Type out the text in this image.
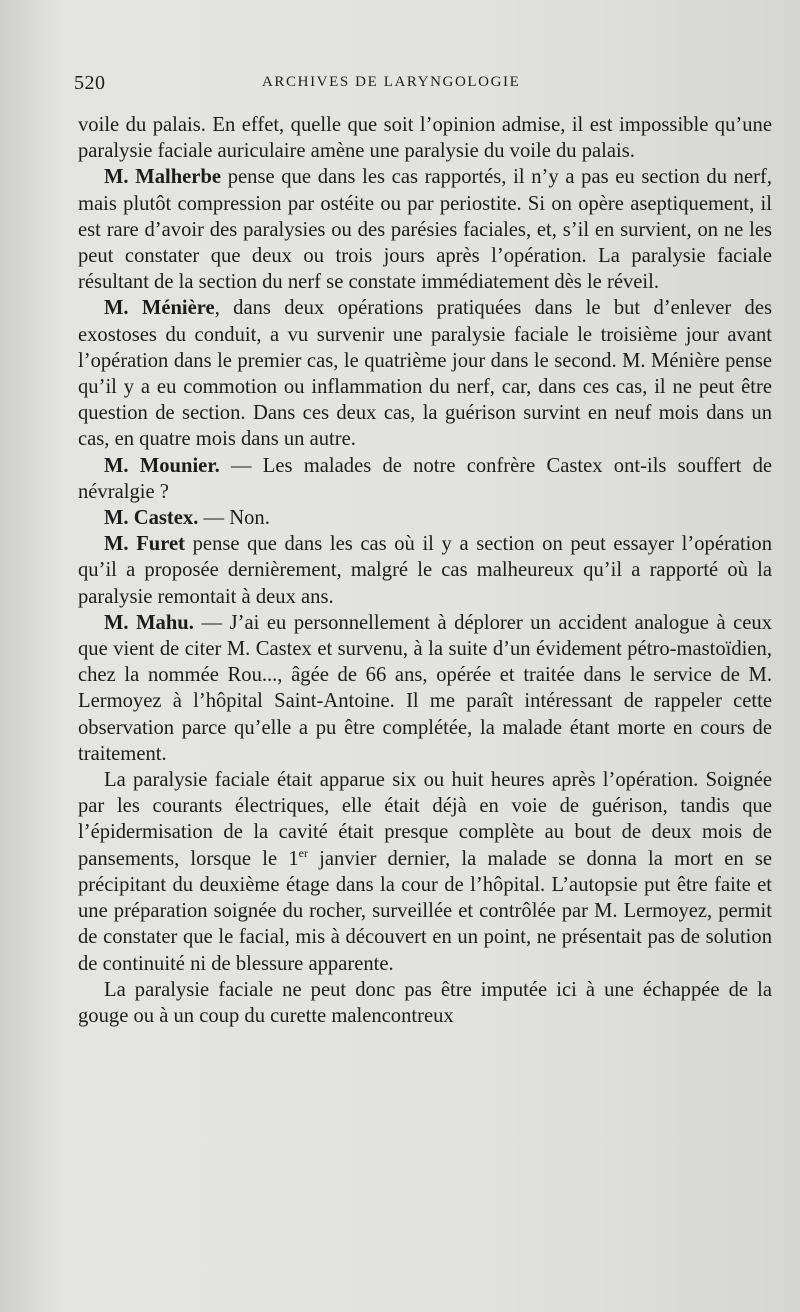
520	ARCHIVES DE LARYNGOLOGIE

voile du palais. En effet, quelle que soit l’opinion admise, il est impossible qu’une paralysie faciale auriculaire amène une paralysie du voile du palais.

M. Malherbe pense que dans les cas rapportés, il n’y a pas eu section du nerf, mais plutôt compression par ostéite ou par periostite. Si on opère aseptiquement, il est rare d’avoir des paralysies ou des parésies faciales, et, s’il en survient, on ne les peut constater que deux ou trois jours après l’opération. La paralysie faciale résultant de la section du nerf se constate immédiatement dès le réveil.

M. Ménière, dans deux opérations pratiquées dans le but d’enlever des exostoses du conduit, a vu survenir une paralysie faciale le troisième jour avant l’opération dans le premier cas, le quatrième jour dans le second. M. Ménière pense qu’il y a eu commotion ou inflammation du nerf, car, dans ces cas, il ne peut être question de section. Dans ces deux cas, la guérison survint en neuf mois dans un cas, en quatre mois dans un autre.

M. Mounier. — Les malades de notre confrère Castex ont-ils souffert de névralgie ?

M. Castex. — Non.

M. Furet pense que dans les cas où il y a section on peut essayer l’opération qu’il a proposée dernièrement, malgré le cas malheureux qu’il a rapporté où la paralysie remontait à deux ans.

M. Mahu. — J’ai eu personnellement à déplorer un accident analogue à ceux que vient de citer M. Castex et survenu, à la suite d’un évidement pétro-mastoïdien, chez la nommée Rou..., âgée de 66 ans, opérée et traitée dans le service de M. Lermoyez à l’hôpital Saint-Antoine. Il me paraît intéressant de rappeler cette observation parce qu’elle a pu être complétée, la malade étant morte en cours de traitement.

La paralysie faciale était apparue six ou huit heures après l’opération. Soignée par les courants électriques, elle était déjà en voie de guérison, tandis que l’épidermisation de la cavité était presque complète au bout de deux mois de pansements, lorsque le 1er janvier dernier, la malade se donna la mort en se précipitant du deuxième étage dans la cour de l’hôpital. L’autopsie put être faite et une préparation soignée du rocher, surveillée et contrôlée par M. Lermoyez, permit de constater que le facial, mis à découvert en un point, ne présentait pas de solution de continuité ni de blessure apparente.

La paralysie faciale ne peut donc pas être imputée ici à une échappée de la gouge ou à un coup du curette malencontreux
